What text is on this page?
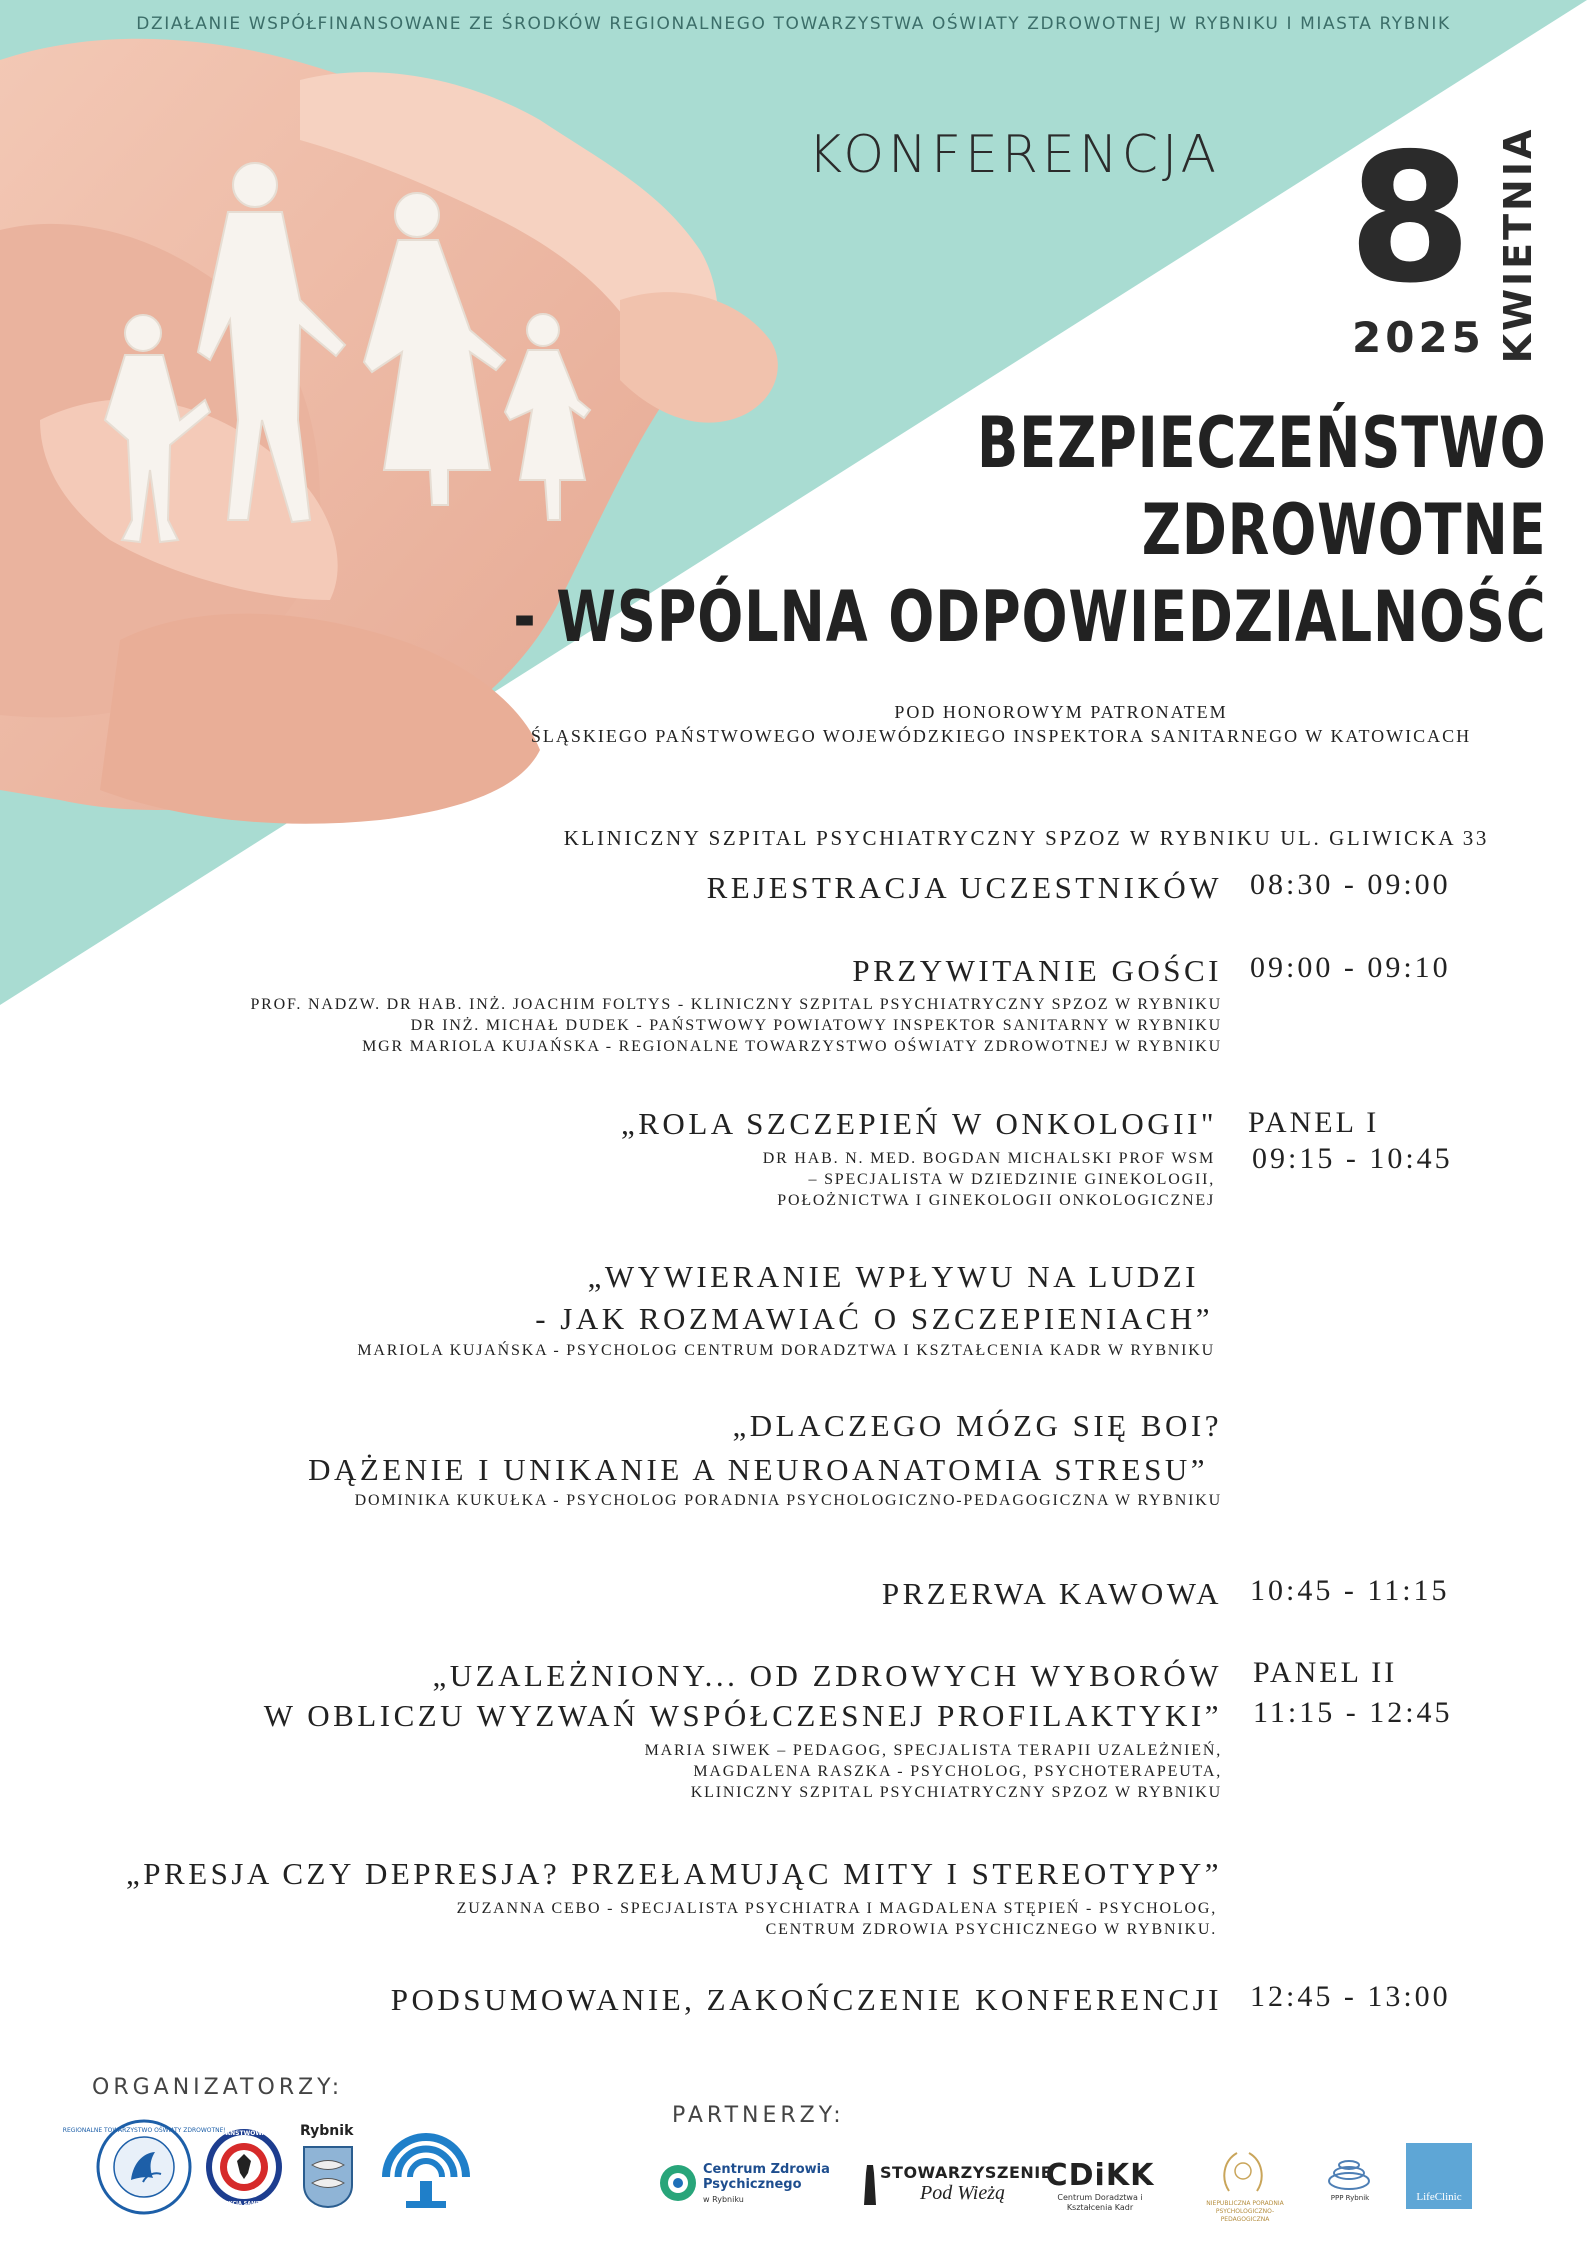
DZIAŁANIE WSPÓŁFINANSOWANE ZE ŚRODKÓW REGIONALNEGO TOWARZYSTWA OŚWIATY ZDROWOTNEJ W RYBNIKU I MIASTA RYBNIK
KONFERENCJA 8
2025 KWIETNIA
BEZPIECZEŃSTWO
ZDROWOTNE
- WSPÓLNA ODPOWIEDZIALNOŚĆ
POD HONOROWYM PATRONATEM
ŚLĄSKIEGO PAŃSTWOWEGO WOJEWÓDZKIEGO INSPEKTORA SANITARNEGO W KATOWICACH
KLINICZNY SZPITAL PSYCHIATRYCZNY SPZOZ W RYBNIKU UL. GLIWICKA 33
REJESTRACJA UCZESTNIKÓW 08:30 - 09:00
PRZYWITANIE GOŚCI 09:00 - 09:10
PROF. NADZW. DR HAB. INŻ. JOACHIM FOLTYS - KLINICZNY SZPITAL PSYCHIATRYCZNY SPZOZ W RYBNIKU
DR INŻ. MICHAŁ DUDEK - PAŃSTWOWY POWIATOWY INSPEKTOR SANITARNY W RYBNIKU
MGR MARIOLA KUJAŃSKA - REGIONALNE TOWARZYSTWO OŚWIATY ZDROWOTNEJ W RYBNIKU
„ROLA SZCZEPIEŃ W ONKOLOGII" PANEL I
09:15 - 10:45
DR HAB. N. MED. BOGDAN MICHALSKI PROF WSM
– SPECJALISTA W DZIEDZINIE GINEKOLOGII,
POŁOŻNICTWA I GINEKOLOGII ONKOLOGICZNEJ
„WYWIERANIE WPŁYWU NA LUDZI
- JAK ROZMAWIAĆ O SZCZEPIENIACH”
MARIOLA KUJAŃSKA - PSYCHOLOG CENTRUM DORADZTWA I KSZTAŁCENIA KADR W RYBNIKU
„DLACZEGO MÓZG SIĘ BOI?
DĄŻENIE I UNIKANIE A NEUROANATOMIA STRESU”
DOMINIKA KUKUŁKA - PSYCHOLOG PORADNIA PSYCHOLOGICZNO-PEDAGOGICZNA W RYBNIKU
PRZERWA KAWOWA 10:45 - 11:15
„UZALEŻNIONY... OD ZDROWYCH WYBORÓW
W OBLICZU WYZWAŃ WSPÓŁCZESNEJ PROFILAKTYKI”
PANEL II
11:15 - 12:45
MARIA SIWEK – PEDAGOG, SPECJALISTA TERAPII UZALEŻNIEŃ,
MAGDALENA RASZKA - PSYCHOLOG, PSYCHOTERAPEUTA,
KLINICZNY SZPITAL PSYCHIATRYCZNY SPZOZ W RYBNIKU
„PRESJA CZY DEPRESJA? PRZEŁAMUJĄC MITY I STEREOTYPY”
ZUZANNA CEBO - SPECJALISTA PSYCHIATRA I MAGDALENA STĘPIEŃ - PSYCHOLOG,
CENTRUM ZDROWIA PSYCHICZNEGO W RYBNIKU.
PODSUMOWANIE, ZAKOŃCZENIE KONFERENCJI 12:45 - 13:00
ORGANIZATORZY:
REGIONALNE TOWARZYSTWO OŚWIATY ZDROWOTNEJ
PAŃSTWOWA
INSPEKCJA SANITARNA
Rybnik
PARTNERZY:
Centrum Zdrowia Psychicznego
w Rybniku
STOWARZYSZENIE
Pod Wieżą	CDiKK
Centrum Doradztwa i Kształcenia Kadr	NIEPUBLICZNA PORADNIA PSYCHOLOGICZNO-PEDAGOGICZNA
PPP Rybnik	LifeClinic
